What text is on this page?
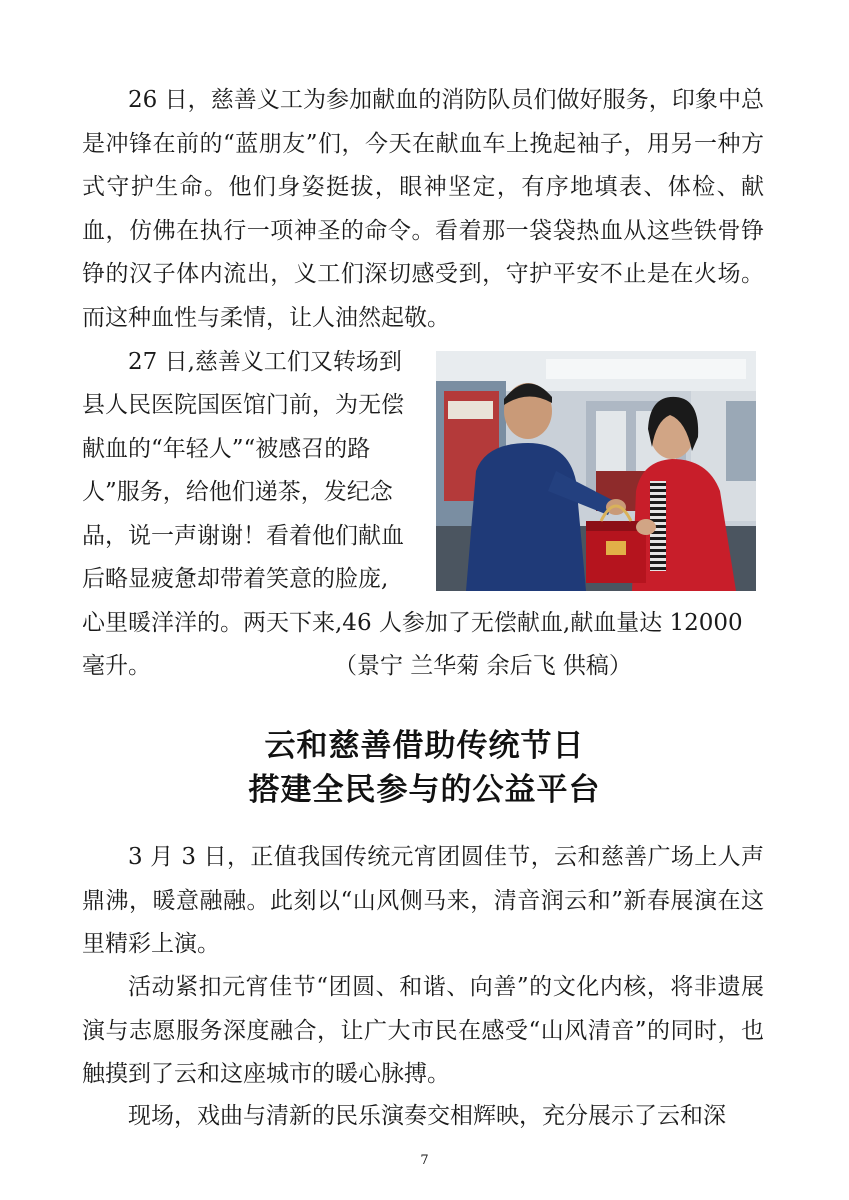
26 日，慈善义工为参加献血的消防队员们做好服务，印象中总是冲锋在前的“蓝朋友”们，今天在献血车上挽起袖子，用另一种方式守护生命。他们身姿挺拔，眼神坚定，有序地填表、体检、献血，仿佛在执行一项神圣的命令。看着那一袋袋热血从这些铁骨铮铮的汉子体内流出，义工们深切感受到，守护平安不止是在火场。而这种血性与柔情，让人油然起敬。

27 日,慈善义工们又转场到
县人民医院国医馆门前，为无偿
献血的“年轻人”“被感召的路
人”服务，给他们递茶，发纪念
品，说一声谢谢！看着他们献血
后略显疲惫却带着笑意的脸庞,
心里暖洋洋的。两天下来,46 人参加了无偿献血,献血量达 12000
毫升。	（景宁 兰华菊 余后飞 供稿）
云和慈善借助传统节日
搭建全民参与的公益平台

3 月 3 日，正值我国传统元宵团圆佳节，云和慈善广场上人声鼎沸，暖意融融。此刻以“山风侧马来，清音润云和”新春展演在这里精彩上演。

活动紧扣元宵佳节“团圆、和谐、向善”的文化内核，将非遗展演与志愿服务深度融合，让广大市民在感受“山风清音”的同时，也触摸到了云和这座城市的暖心脉搏。

现场，戏曲与清新的民乐演奏交相辉映，充分展示了云和深

7
